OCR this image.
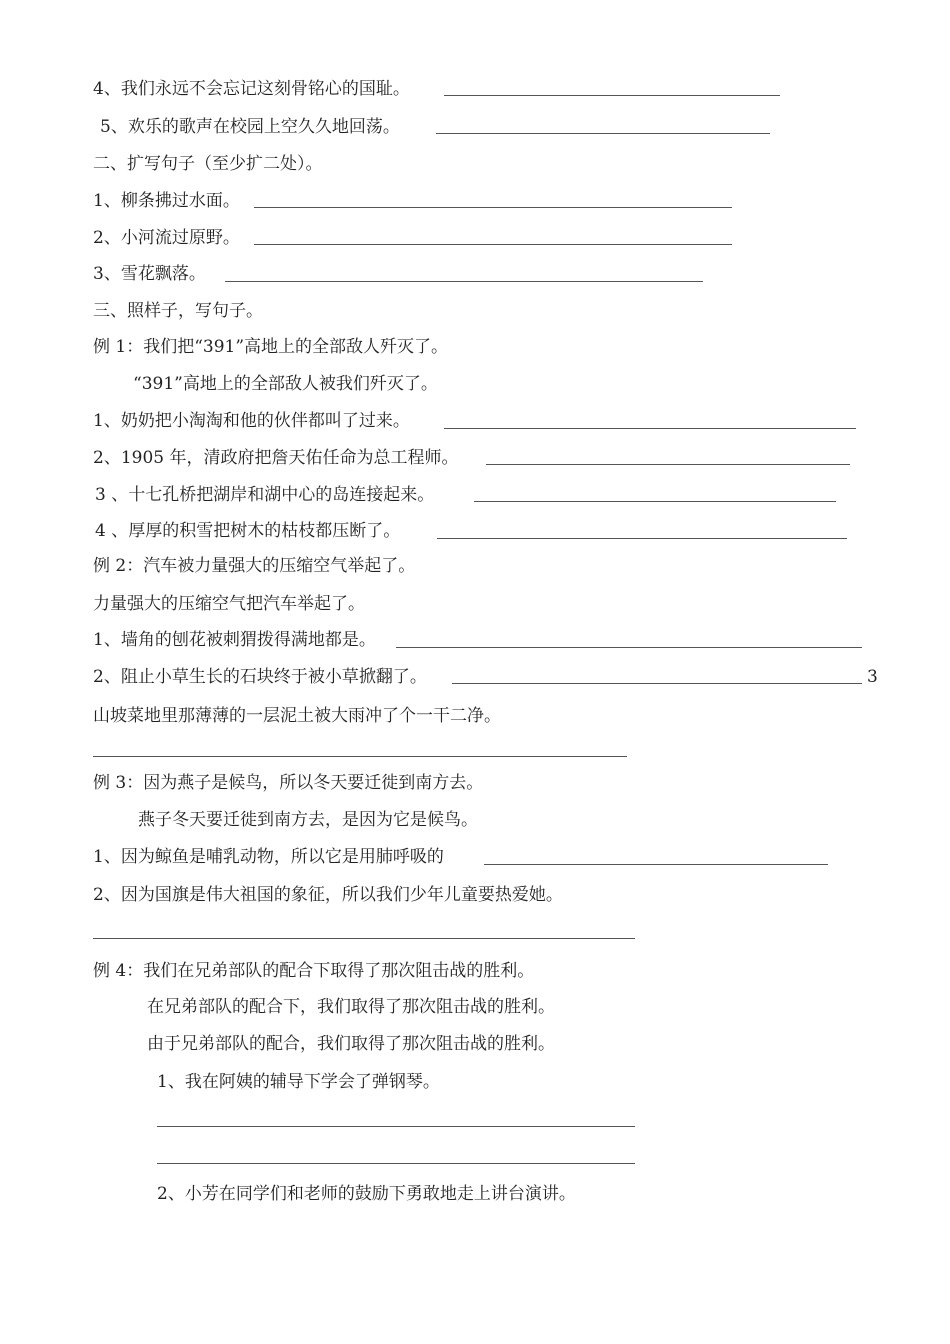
4、我们永远不会忘记这刻骨铭心的国耻。
5、欢乐的歌声在校园上空久久地回荡。
二、扩写句子（至少扩二处）。
1、柳条拂过水面。
2、小河流过原野。
3、雪花飘落。
三、照样子，写句子。
例 1：我们把“391”高地上的全部敌人歼灭了。
“391”高地上的全部敌人被我们歼灭了。
1、奶奶把小淘淘和他的伙伴都叫了过来。
2、1905 年，清政府把詹天佑任命为总工程师。
3 、十七孔桥把湖岸和湖中心的岛连接起来。
4 、厚厚的积雪把树木的枯枝都压断了。
例 2：汽车被力量强大的压缩空气举起了。
力量强大的压缩空气把汽车举起了。
1、墙角的刨花被刺猬拨得满地都是。
2、阻止小草生长的石块终于被小草掀翻了。	3
山坡菜地里那薄薄的一层泥土被大雨冲了个一干二净。
例 3：因为燕子是候鸟，所以冬天要迁徙到南方去。
燕子冬天要迁徙到南方去，是因为它是候鸟。
1、因为鲸鱼是哺乳动物，所以它是用肺呼吸的
2、因为国旗是伟大祖国的象征，所以我们少年儿童要热爱她。
例 4：我们在兄弟部队的配合下取得了那次阻击战的胜利。
在兄弟部队的配合下，我们取得了那次阻击战的胜利。
由于兄弟部队的配合，我们取得了那次阻击战的胜利。
1、我在阿姨的辅导下学会了弹钢琴。
2、小芳在同学们和老师的鼓励下勇敢地走上讲台演讲。
